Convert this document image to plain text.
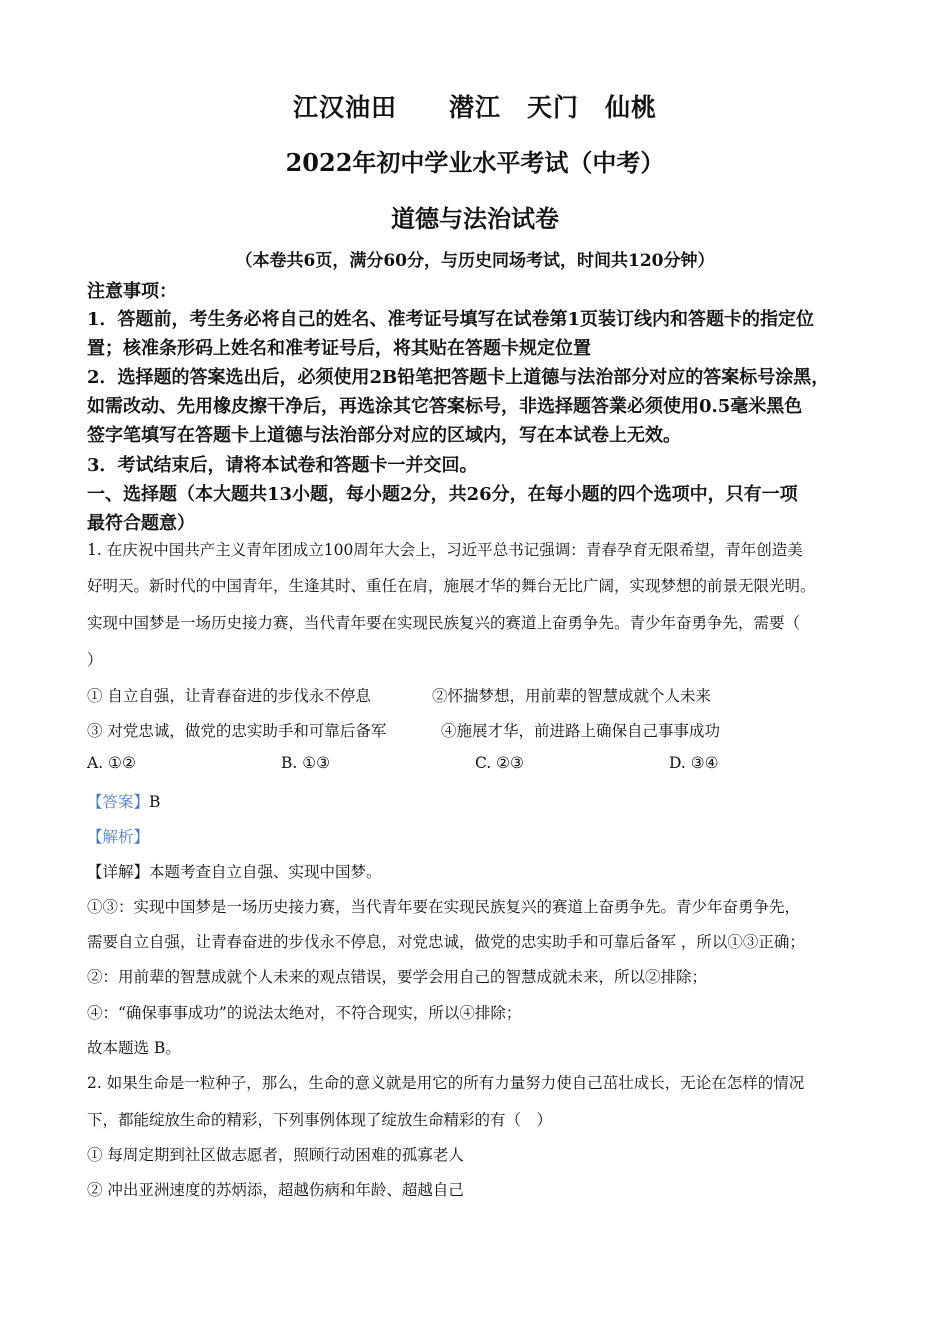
江汉油田　　潜江　天门　仙桃
2022年初中学业水平考试（中考）
道德与法治试卷
（本卷共6页，满分60分，与历史同场考试，时间共120分钟）
注意事项：
1．答题前，考生务必将自己的姓名、准考证号填写在试卷第1页装订线内和答题卡的指定位
置；核准条形码上姓名和准考证号后，将其贴在答题卡规定位置
2．选择题的答案选出后，必须使用2B铅笔把答题卡上道德与法治部分对应的答案标号涂黑，
如需改动、先用橡皮擦干净后，再选涂其它答案标号，非选择题答業必须使用0.5毫米黑色
签字笔填写在答题卡上道德与法治部分对应的区域内，写在本试卷上无效。
3．考试结束后，请将本试卷和答题卡一并交回。
一、选择题（本大题共13小题，每小题2分，共26分，在每小题的四个选项中，只有一项
最符合题意）
1. 在庆祝中国共产主义青年团成立100周年大会上，习近平总书记强调：青春孕育无限希望，青年创造美
好明天。新时代的中国青年，生逢其时、重任在肩，施展才华的舞台无比广阔，实现梦想的前景无限光明。
实现中国梦是一场历史接力赛，当代青年要在实现民族复兴的赛道上奋勇争先。青少年奋勇争先，需要（
）
① 自立自强，让青春奋进的步伐永不停息	②怀揣梦想，用前辈的智慧成就个人未来
③ 对党忠诚，做党的忠实助手和可靠后备军	④施展才华，前进路上确保自己事事成功
A. ①②	B. ①③	C. ②③	D. ③④
【答案】B
【解析】
【详解】本题考查自立自强、实现中国梦。
①③：实现中国梦是一场历史接力赛，当代青年要在实现民族复兴的赛道上奋勇争先。青少年奋勇争先，
需要自立自强，让青春奋进的步伐永不停息，对党忠诚，做党的忠实助手和可靠后备军 ，所以①③正确；
②：用前辈的智慧成就个人未来的观点错误，要学会用自己的智慧成就未来，所以②排除；
④：“确保事事成功”的说法太绝对，不符合现实，所以④排除；
故本题选 B。
2. 如果生命是一粒种子，那么，生命的意义就是用它的所有力量努力使自己茁壮成长，无论在怎样的情况
下，都能绽放生命的精彩，下列事例体现了绽放生命精彩的有（　）
① 每周定期到社区做志愿者，照顾行动困难的孤寡老人
② 冲出亚洲速度的苏炳添，超越伤病和年龄、超越自己
